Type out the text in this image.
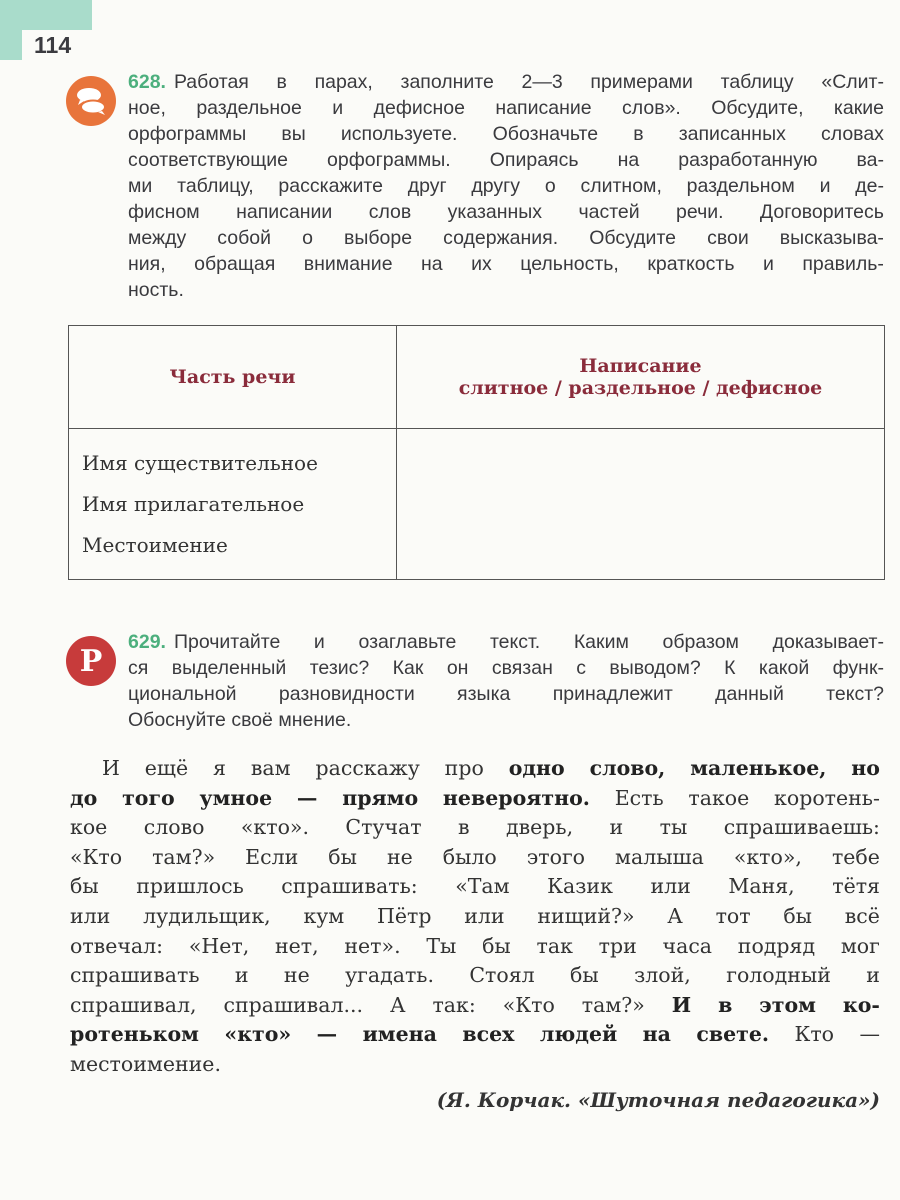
114
628. Работая в парах, заполните 2—3 примерами таблицу «Слит-
ное, раздельное и дефисное написание слов». Обсудите, какие
орфограммы вы используете. Обозначьте в записанных словах
соответствующие орфограммы. Опираясь на разработанную ва-
ми таблицу, расскажите друг другу о слитном, раздельном и де-
фисном написании слов указанных частей речи. Договоритесь
между собой о выборе содержания. Обсудите свои высказыва-
ния, обращая внимание на их цельность, краткость и правиль-
ность.
Часть речи	Написание
слитное / раздельное / дефисное

Имя существительное
Имя прилагательное
Местоимение	

Р
629. Прочитайте и озаглавьте текст. Каким образом доказывает-
ся выделенный тезис? Как он связан с выводом? К какой функ-
циональной разновидности языка принадлежит данный текст?
Обоснуйте своё мнение.
И ещё я вам расскажу про одно слово, маленькое, но
до того умное — прямо невероятно. Есть такое коротень-
кое слово «кто». Стучат в дверь, и ты спрашиваешь:
«Кто там?» Если бы не было этого малыша «кто», тебе
бы пришлось спрашивать: «Там Казик или Маня, тётя
или лудильщик, кум Пётр или нищий?» А тот бы всё
отвечал: «Нет, нет, нет». Ты бы так три часа подряд мог
спрашивать и не угадать. Стоял бы злой, голодный и
спрашивал, спрашивал... А так: «Кто там?» И в этом ко-
ротеньком «кто» — имена всех людей на свете. Кто —
местоимение.
(Я. Корчак. «Шуточная педагогика»)
